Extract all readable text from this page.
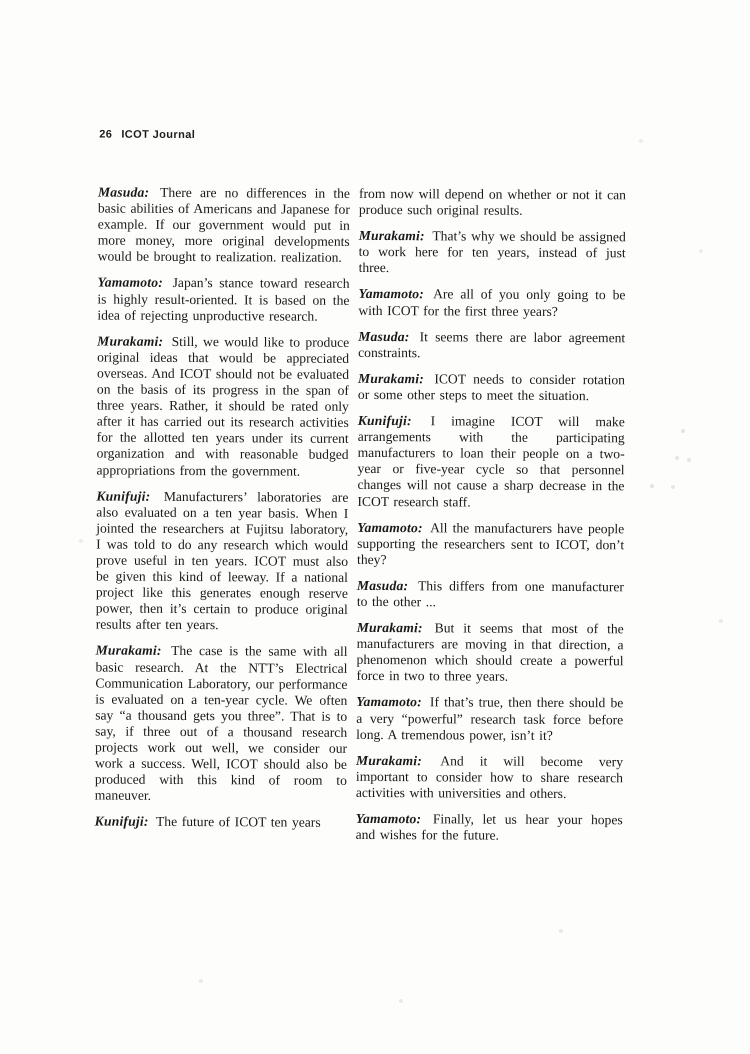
26 ICOT Journal

Masuda: There are no differences in the basic abilities of Americans and Japanese for example. If our government would put in more money, more original developments would be brought to realization. realization.

Yamamoto: Japan’s stance toward research is highly result-oriented. It is based on the idea of rejecting unproductive research.

Murakami: Still, we would like to produce original ideas that would be appreciated overseas. And ICOT should not be evaluated on the basis of its progress in the span of three years. Rather, it should be rated only after it has carried out its research activities for the allotted ten years under its current organization and with reasonable budged appropriations from the government.

Kunifuji: Manufacturers’ laboratories are also evaluated on a ten year basis. When I jointed the researchers at Fujitsu laboratory, I was told to do any research which would prove useful in ten years. ICOT must also be given this kind of leeway. If a national project like this generates enough reserve power, then it’s certain to produce original results after ten years.

Murakami: The case is the same with all basic research. At the NTT’s Electrical Communication Laboratory, our performance is evaluated on a ten-year cycle. We often say “a thousand gets you three”. That is to say, if three out of a thousand research projects work out well, we consider our work a success. Well, ICOT should also be produced with this kind of room to maneuver.

Kunifuji: The future of ICOT ten years

from now will depend on whether or not it can produce such original results.

Murakami: That’s why we should be assigned to work here for ten years, instead of just three.

Yamamoto: Are all of you only going to be with ICOT for the first three years?

Masuda: It seems there are labor agreement constraints.

Murakami: ICOT needs to consider rotation or some other steps to meet the situation.

Kunifuji: I imagine ICOT will make arrangements with the participating manufacturers to loan their people on a two-year or five-year cycle so that personnel changes will not cause a sharp decrease in the ICOT research staff.

Yamamoto: All the manufacturers have people supporting the researchers sent to ICOT, don’t they?

Masuda: This differs from one manufacturer to the other ...

Murakami: But it seems that most of the manufacturers are moving in that direction, a phenomenon which should create a powerful force in two to three years.

Yamamoto: If that’s true, then there should be a very “powerful” research task force before long. A tremendous power, isn’t it?

Murakami: And it will become very important to consider how to share research activities with universities and others.

Yamamoto: Finally, let us hear your hopes and wishes for the future.
